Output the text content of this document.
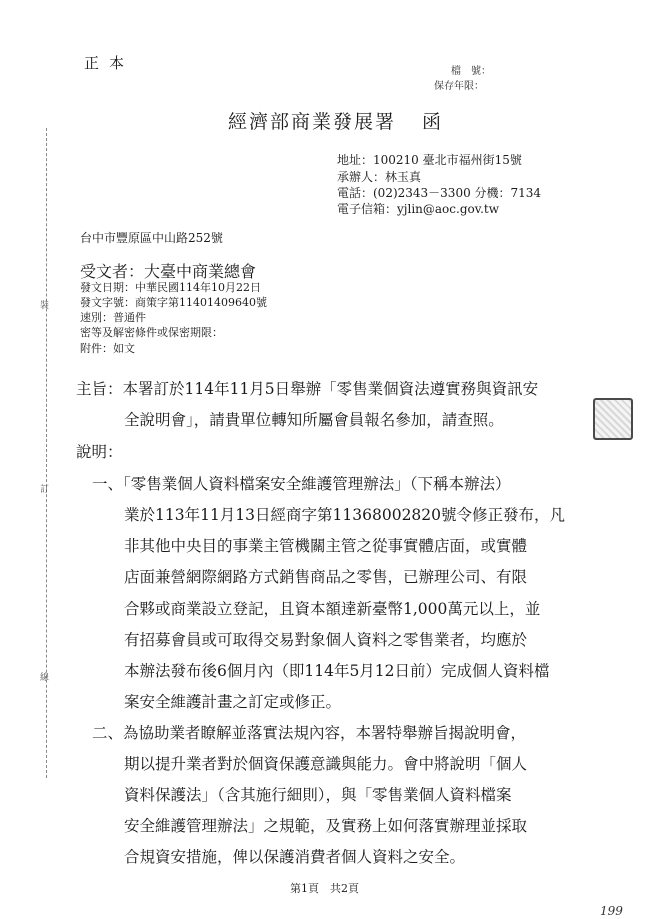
正本	檔　號：
保存年限：
經濟部商業發展署 函
地址：100210 臺北市福州街15號
承辦人：林玉真
電話：(02)2343－3300 分機：7134
電子信箱：yjlin@aoc.gov.tw
台中市豐原區中山路252號
受文者：大臺中商業總會
發文日期：中華民國114年10月22日
發文字號：商策字第11401409640號
速別：普通件
密等及解密條件或保密期限：
附件：如文
裝
訂
線
主旨：本署訂於114年11月5日舉辦「零售業個資法遵實務與資訊安
全說明會」，請貴單位轉知所屬會員報名參加，請查照。
說明：
一、「零售業個人資料檔案安全維護管理辦法」（下稱本辦法）
業於113年11月13日經商字第11368002820號令修正發布，凡
非其他中央目的事業主管機關主管之從事實體店面，或實體
店面兼營網際網路方式銷售商品之零售，已辦理公司、有限
合夥或商業設立登記，且資本額達新臺幣1,000萬元以上，並
有招募會員或可取得交易對象個人資料之零售業者，均應於
本辦法發布後6個月內（即114年5月12日前）完成個人資料檔
案安全維護計畫之訂定或修正。
二、為協助業者瞭解並落實法規內容，本署特舉辦旨揭說明會，
期以提升業者對於個資保護意識與能力。會中將說明「個人
資料保護法」（含其施行細則），與「零售業個人資料檔案
安全維護管理辦法」之規範，及實務上如何落實辦理並採取
合規資安措施，俾以保護消費者個人資料之安全。
第1頁　共2頁
199
